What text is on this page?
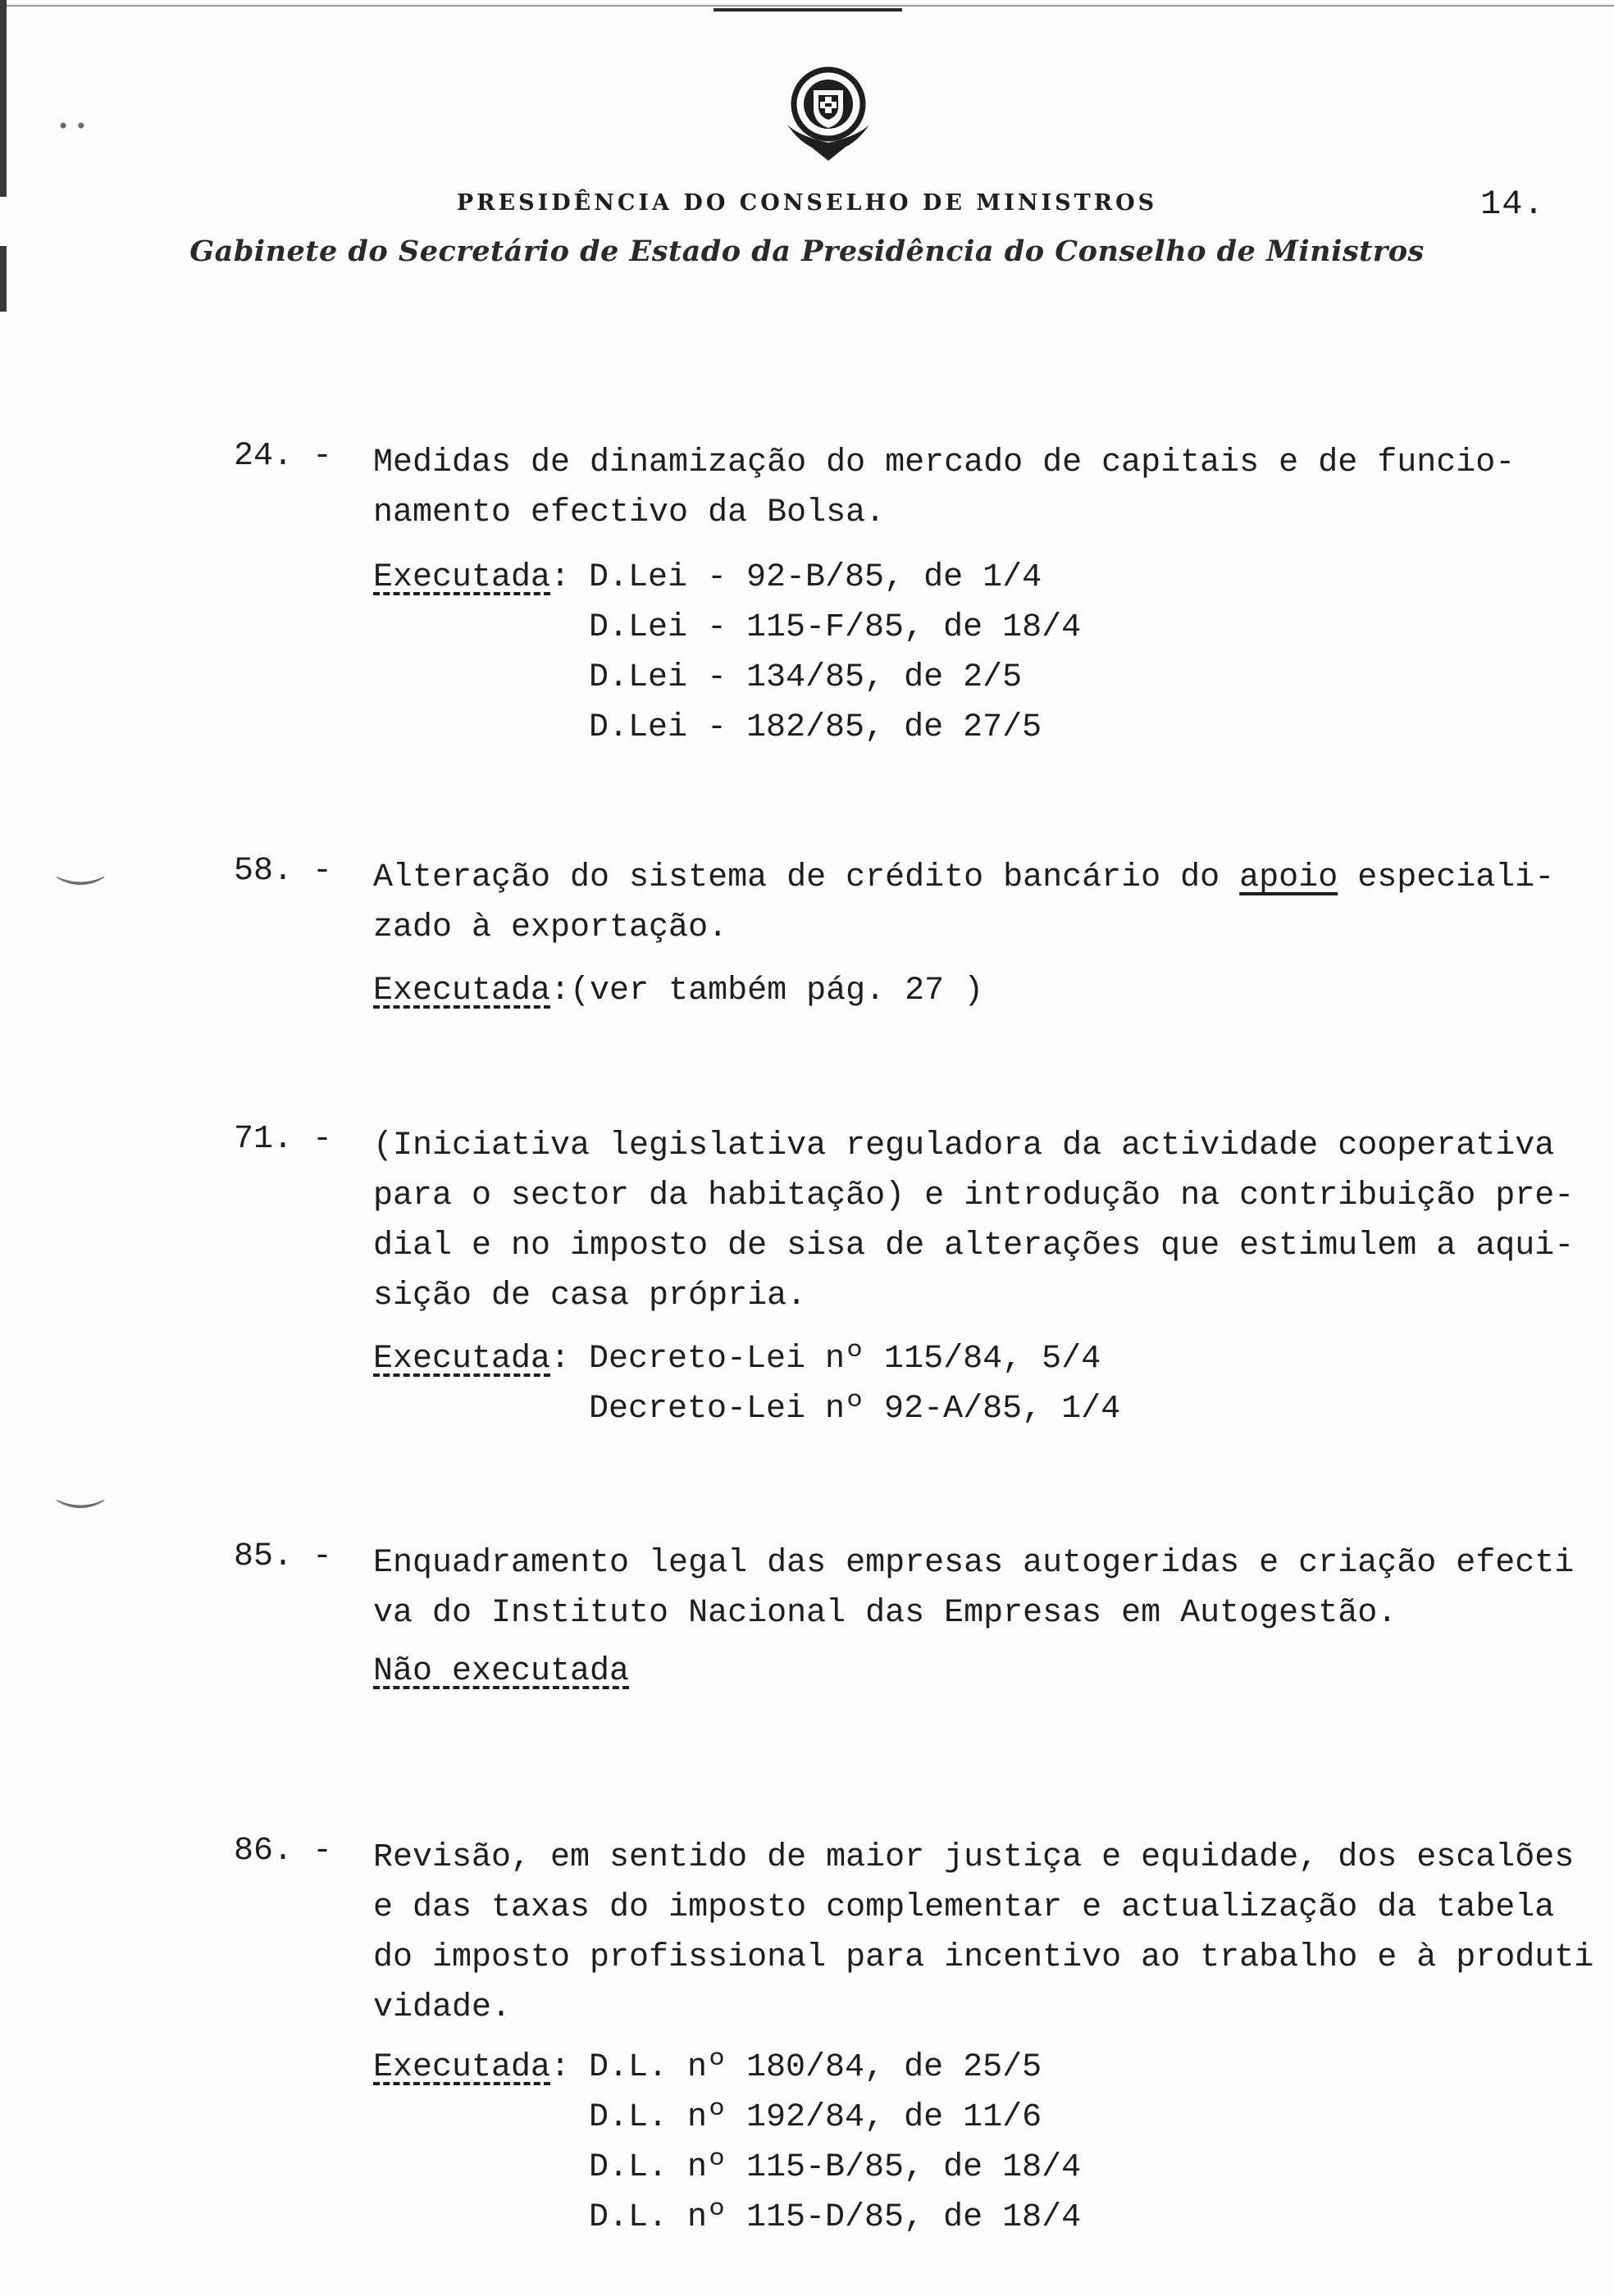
• •
⌒
⌒
14.
PRESIDÊNCIA DO CONSELHO DE MINISTROS
Gabinete do Secretário de Estado da Presidência do Conselho de Ministros
24. - Medidas de dinamização do mercado de capitais e de funcio-
namento efectivo da Bolsa.
Executada: D.Lei - 92-B/85, de 1/4
D.Lei - 115-F/85, de 18/4
D.Lei - 134/85, de 2/5
D.Lei - 182/85, de 27/5
58. - Alteração do sistema de crédito bancário do apoio especiali-
zado à exportação.
Executada:(ver também pág. 27 )
71. - (Iniciativa legislativa reguladora da actividade cooperativa
para o sector da habitação) e introdução na contribuição pre-
dial e no imposto de sisa de alterações que estimulem a aqui-
sição de casa própria.
Executada: Decreto-Lei nº 115/84, 5/4
Decreto-Lei nº 92-A/85, 1/4
85. - Enquadramento legal das empresas autogeridas e criação efecti
va do Instituto Nacional das Empresas em Autogestão.
Não executada
86. - Revisão, em sentido de maior justiça e equidade, dos escalões
e das taxas do imposto complementar e actualização da tabela
do imposto profissional para incentivo ao trabalho e à produti
vidade.
Executada: D.L. nº 180/84, de 25/5
D.L. nº 192/84, de 11/6
D.L. nº 115-B/85, de 18/4
D.L. nº 115-D/85, de 18/4
